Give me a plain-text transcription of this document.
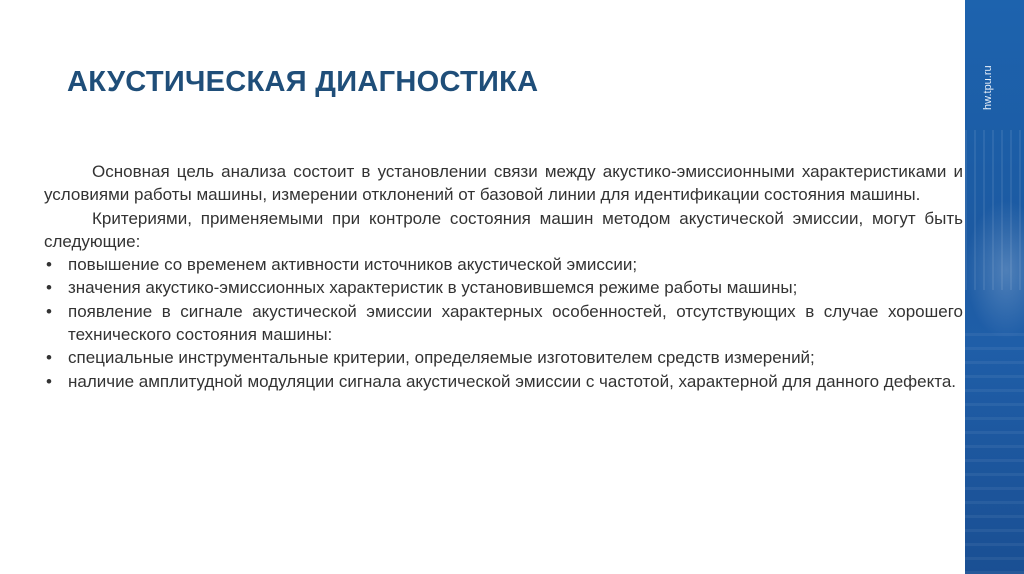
АКУСТИЧЕСКАЯ ДИАГНОСТИКА

Основная цель анализа состоит в установлении связи между акустико-эмиссионными характеристиками и условиями работы машины, измерении отклонений от базовой линии для идентификации состояния машины.

Критериями, применяемыми при контроле состояния машин методом акустической эмиссии, могут быть следующие:

• повышение со временем активности источников акустической эмиссии;
• значения акустико-эмиссионных характеристик в установившемся режиме работы машины;
• появление в сигнале акустической эмиссии характерных особенностей, отсутствующих в случае хорошего технического состояния машины:
• специальные инструментальные критерии, определяемые изготовителем средств измерений;
• наличие амплитудной модуляции сигнала акустической эмиссии с частотой, характерной для данного дефекта.
hw.tpu.ru
